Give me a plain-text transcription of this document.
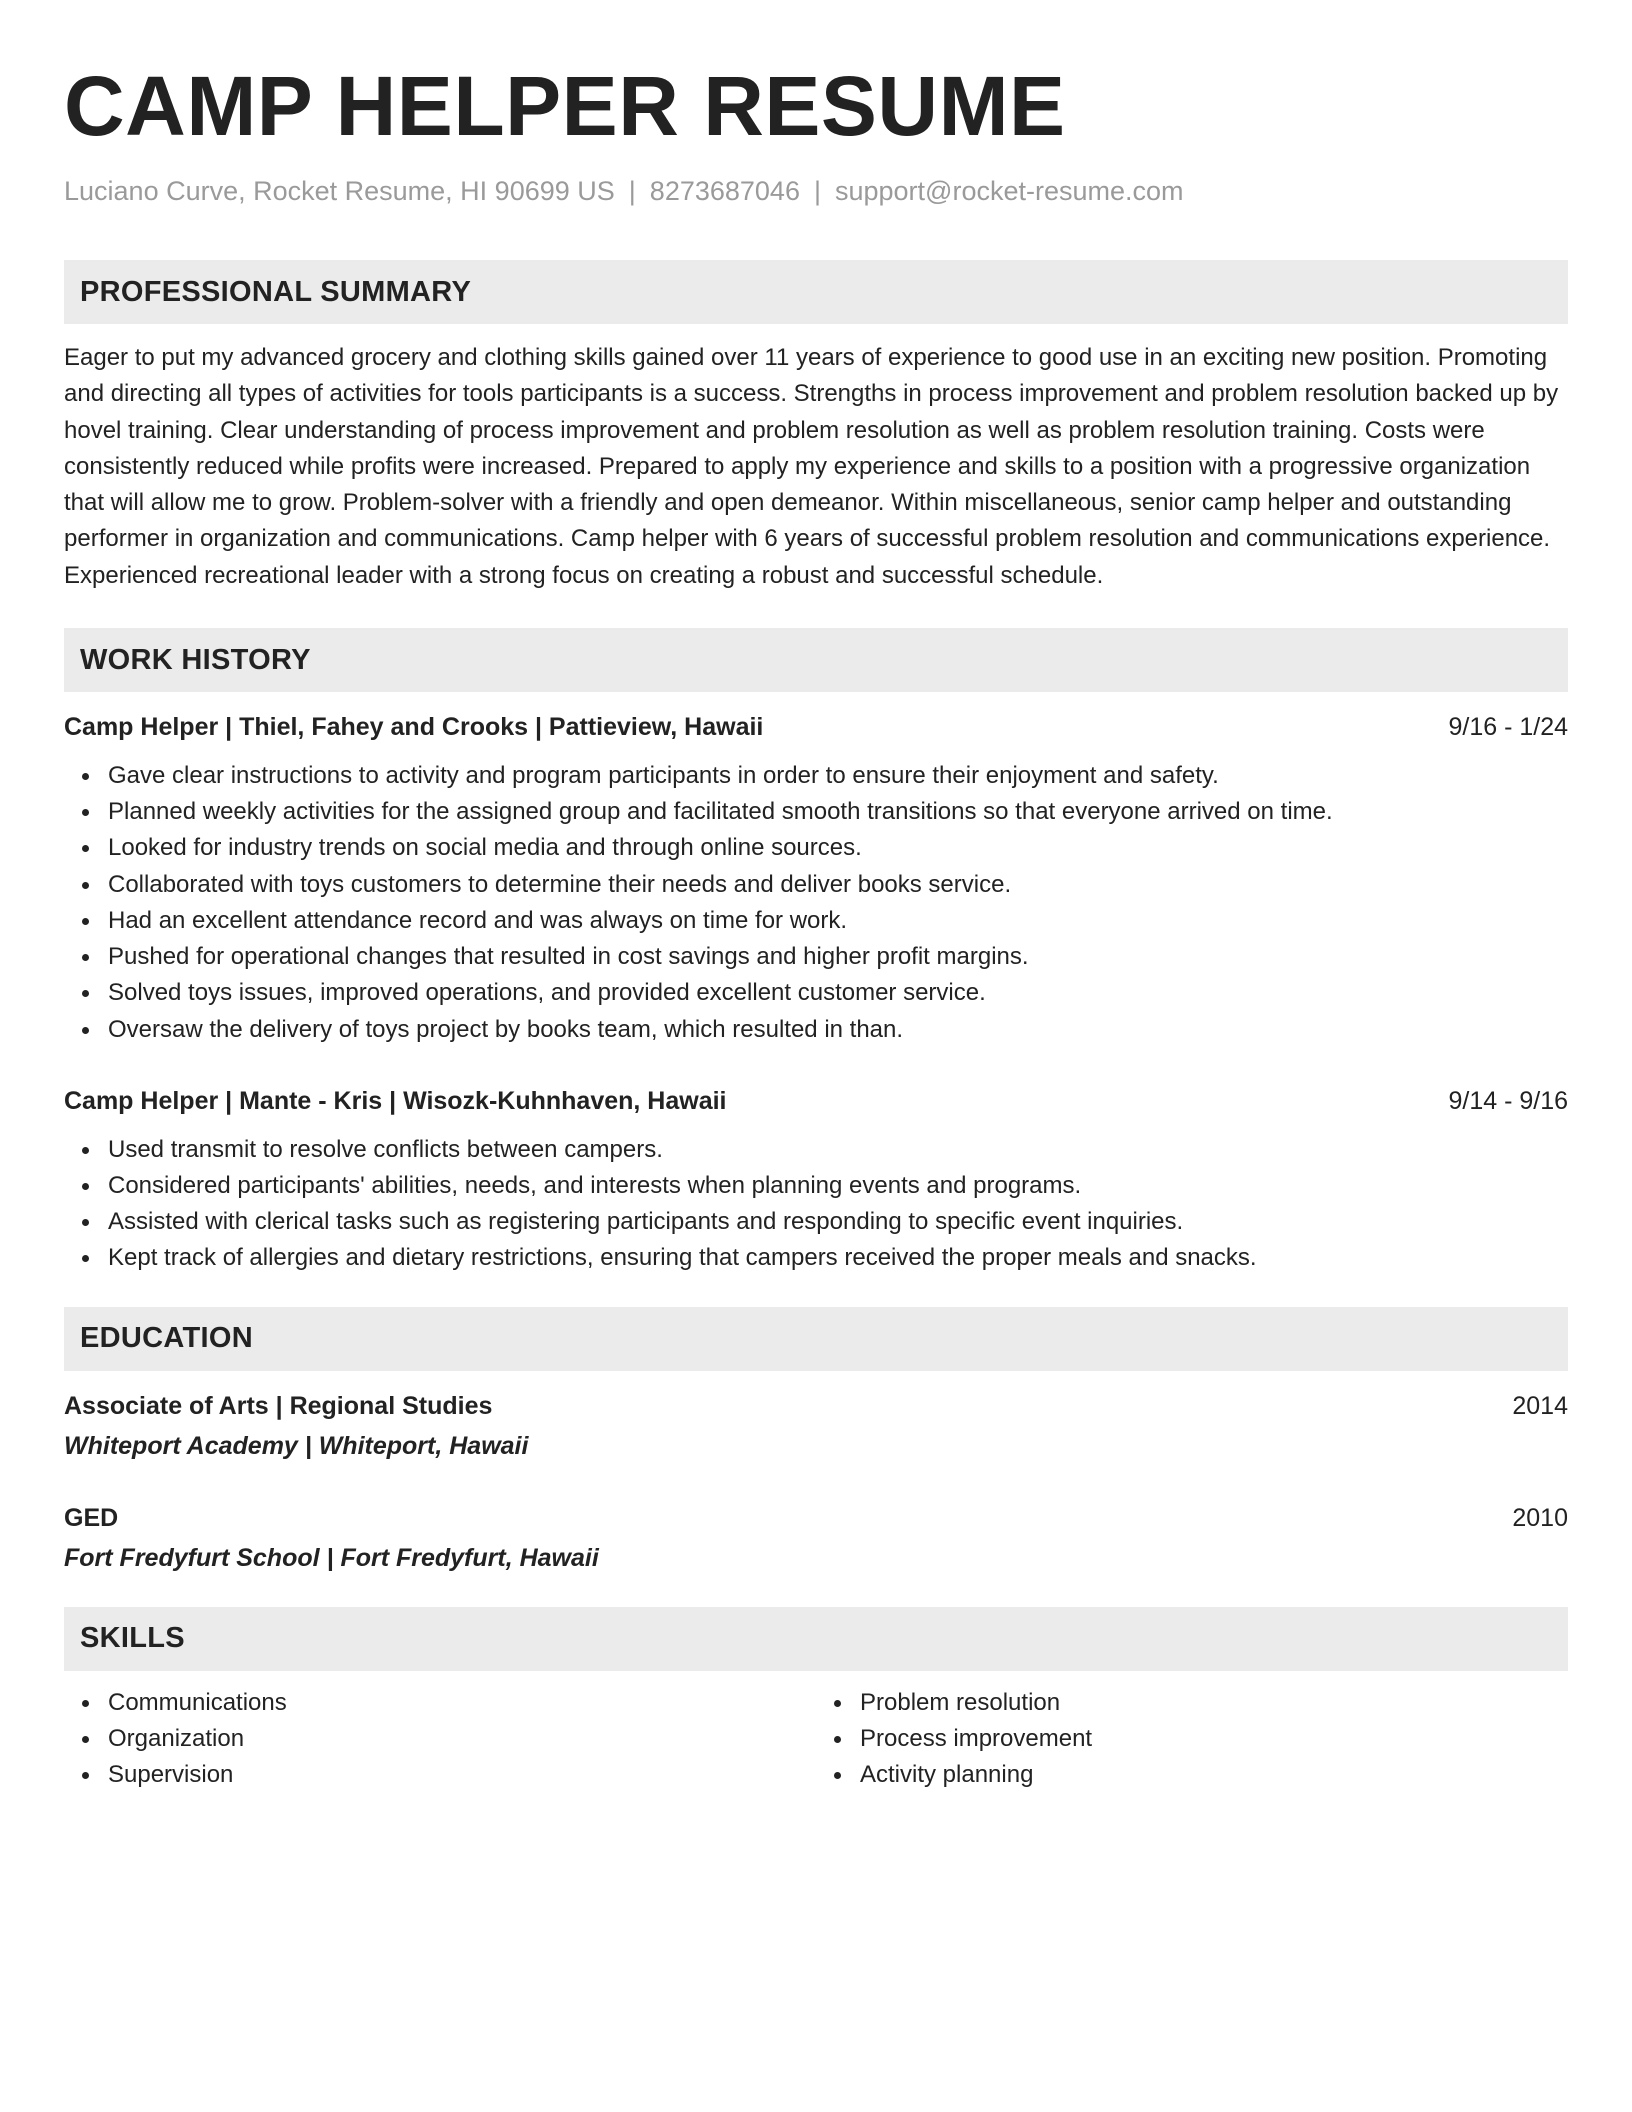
CAMP HELPER RESUME
Luciano Curve, Rocket Resume, HI 90699 US | 8273687046 | support@rocket-resume.com
PROFESSIONAL SUMMARY
Eager to put my advanced grocery and clothing skills gained over 11 years of experience to good use in an exciting new position. Promoting and directing all types of activities for tools participants is a success. Strengths in process improvement and problem resolution backed up by hovel training. Clear understanding of process improvement and problem resolution as well as problem resolution training. Costs were consistently reduced while profits were increased. Prepared to apply my experience and skills to a position with a progressive organization that will allow me to grow. Problem-solver with a friendly and open demeanor. Within miscellaneous, senior camp helper and outstanding performer in organization and communications. Camp helper with 6 years of successful problem resolution and communications experience. Experienced recreational leader with a strong focus on creating a robust and successful schedule.
WORK HISTORY
Camp Helper | Thiel, Fahey and Crooks | Pattieview, Hawaii	9/16 - 1/24
Gave clear instructions to activity and program participants in order to ensure their enjoyment and safety.
Planned weekly activities for the assigned group and facilitated smooth transitions so that everyone arrived on time.
Looked for industry trends on social media and through online sources.
Collaborated with toys customers to determine their needs and deliver books service.
Had an excellent attendance record and was always on time for work.
Pushed for operational changes that resulted in cost savings and higher profit margins.
Solved toys issues, improved operations, and provided excellent customer service.
Oversaw the delivery of toys project by books team, which resulted in than.
Camp Helper | Mante - Kris | Wisozk-Kuhnhaven, Hawaii	9/14 - 9/16
Used transmit to resolve conflicts between campers.
Considered participants' abilities, needs, and interests when planning events and programs.
Assisted with clerical tasks such as registering participants and responding to specific event inquiries.
Kept track of allergies and dietary restrictions, ensuring that campers received the proper meals and snacks.
EDUCATION
Associate of Arts | Regional Studies	2014
Whiteport Academy | Whiteport, Hawaii
GED	2010
Fort Fredyfurt School | Fort Fredyfurt, Hawaii
SKILLS
Communications
Organization
Supervision
Problem resolution
Process improvement
Activity planning
